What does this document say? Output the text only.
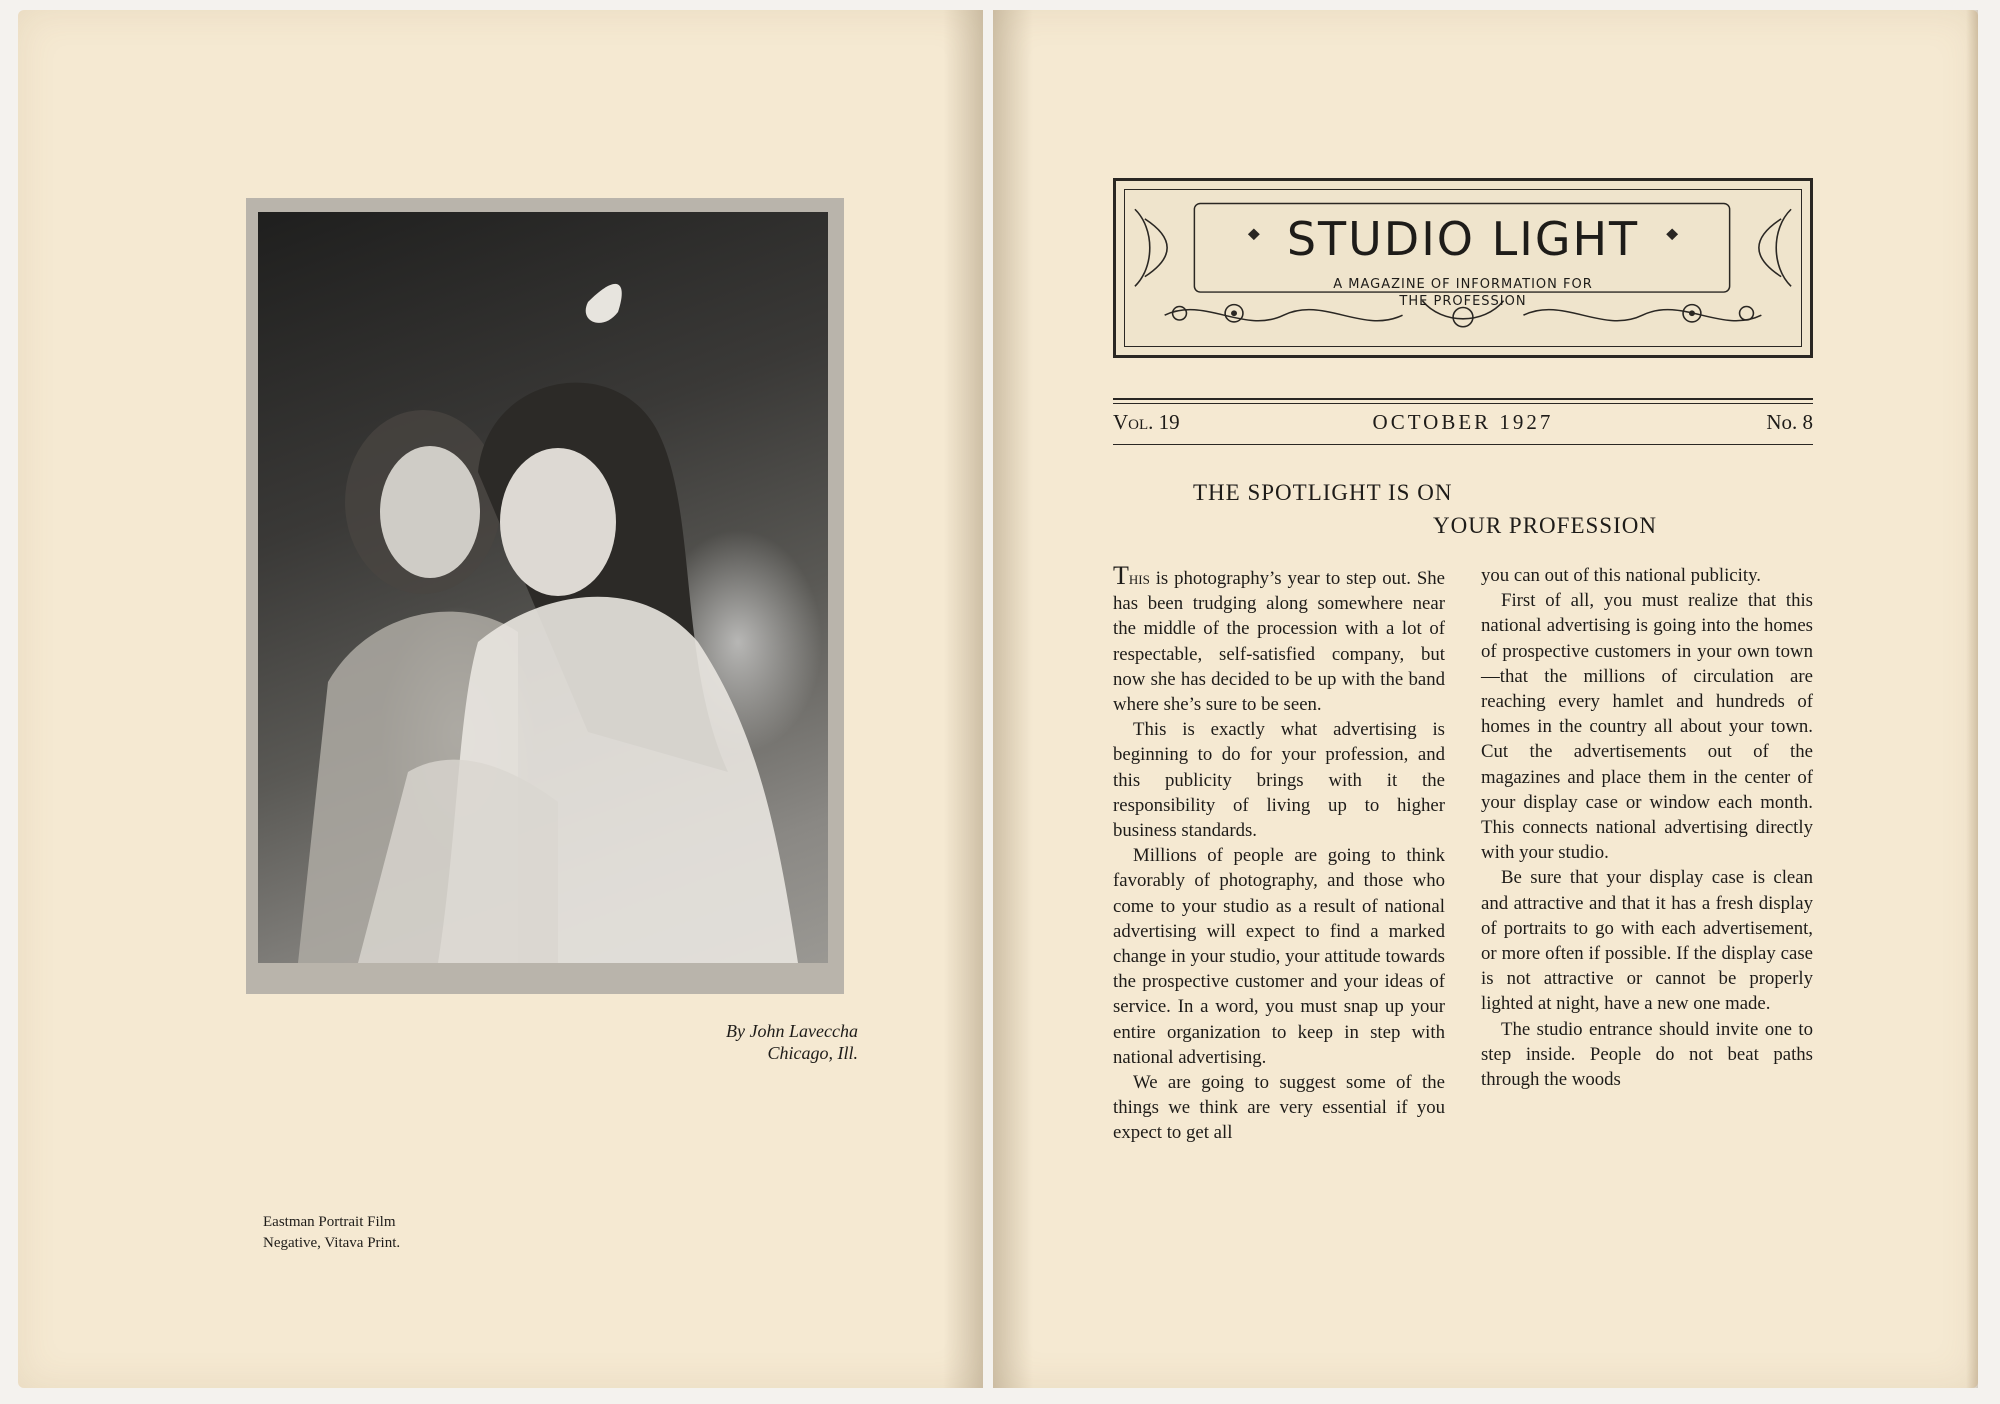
By John Laveccha
Chicago, Ill.
Eastman Portrait Film
Negative, Vitava Print.
STUDIO LIGHT
A MAGAZINE OF INFORMATION FOR
THE PROFESSION
Vol. 19	OCTOBER 1927	No. 8
THE SPOTLIGHT IS ON
YOUR PROFESSION

This is photography’s year to step out. She has been trudging along somewhere near the middle of the procession with a lot of respectable, self-satisfied company, but now she has decided to be up with the band where she’s sure to be seen.

This is exactly what advertising is beginning to do for your profession, and this publicity brings with it the responsibility of living up to higher business standards.

Millions of people are going to think favorably of photography, and those who come to your studio as a result of national advertising will expect to find a marked change in your studio, your attitude towards the prospective customer and your ideas of service. In a word, you must snap up your entire organization to keep in step with national advertising.

We are going to suggest some of the things we think are very essential if you expect to get all

you can out of this national publicity.

First of all, you must realize that this national advertising is going into the homes of prospective customers in your own town —that the millions of circulation are reaching every hamlet and hundreds of homes in the country all about your town. Cut the advertisements out of the magazines and place them in the center of your display case or window each month. This connects national advertising directly with your studio.

Be sure that your display case is clean and attractive and that it has a fresh display of portraits to go with each advertisement, or more often if possible. If the display case is not attractive or cannot be properly lighted at night, have a new one made.

The studio entrance should invite one to step inside. People do not beat paths through the woods
